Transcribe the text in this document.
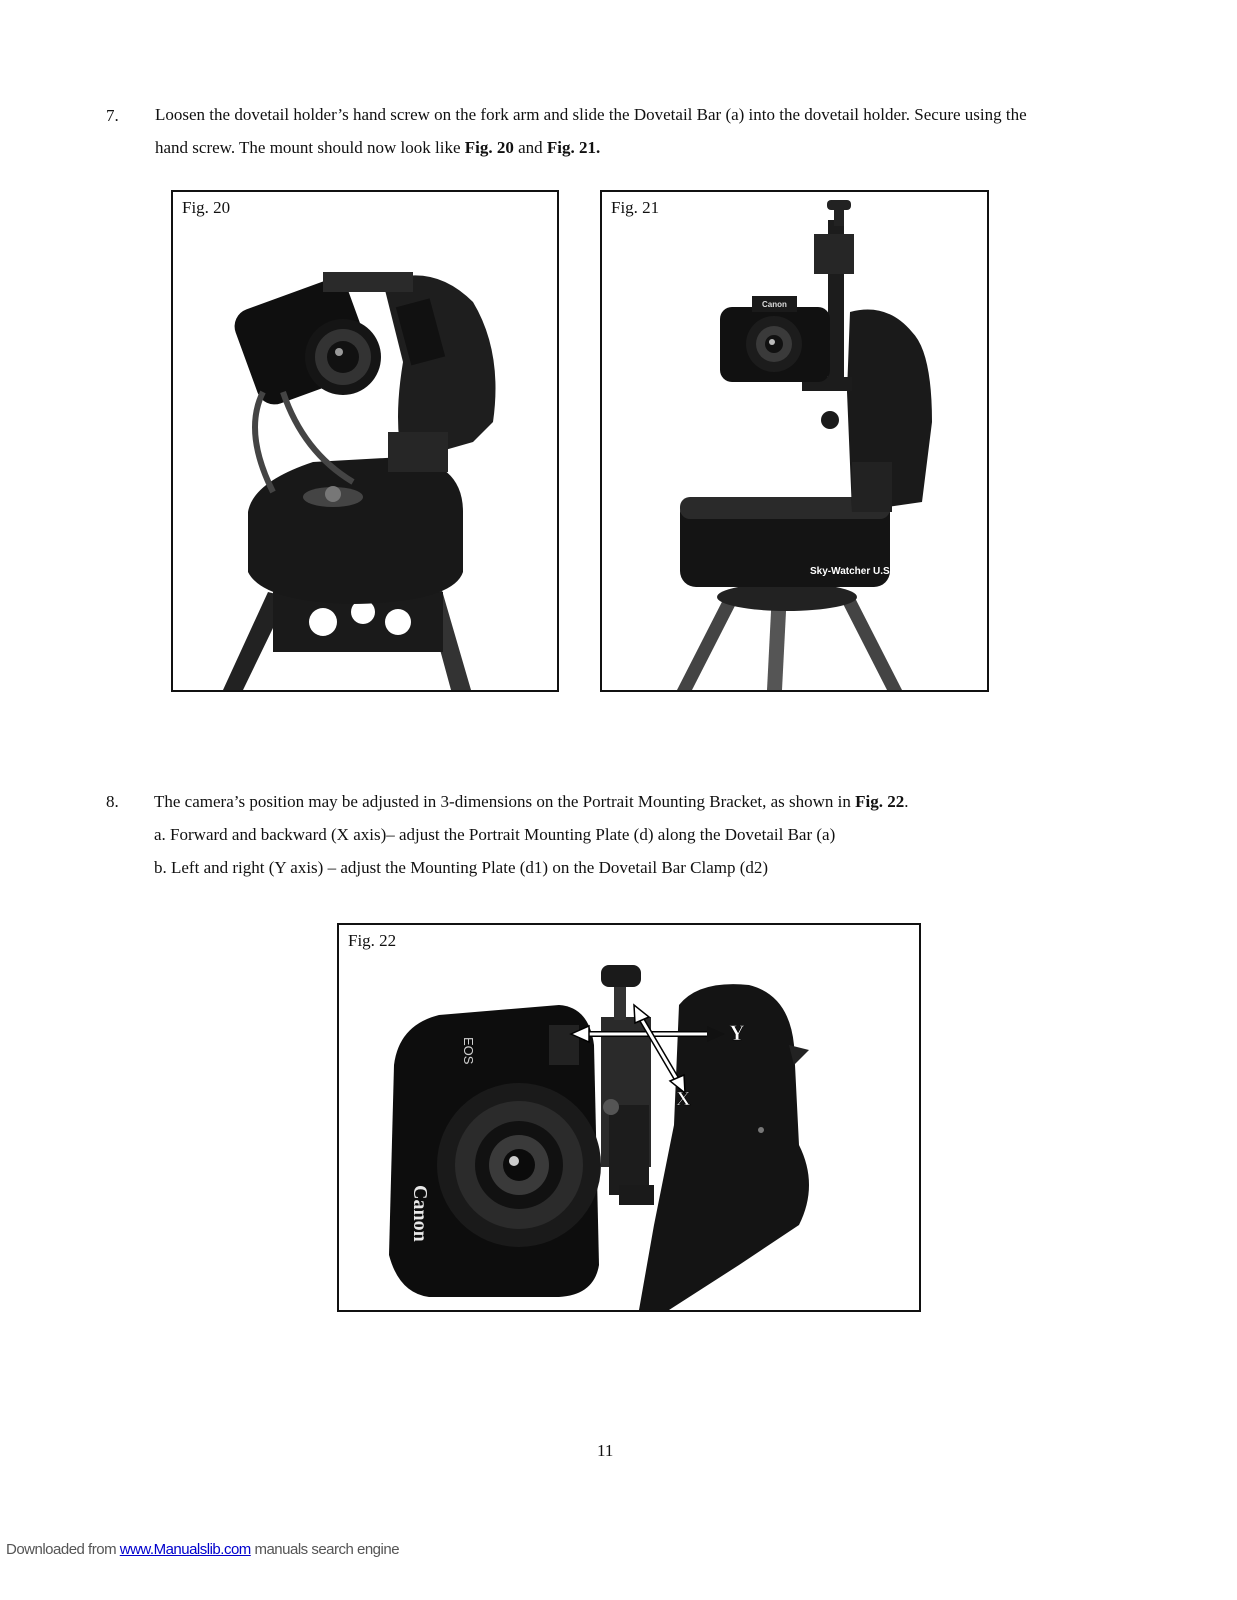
7. Loosen the dovetail holder’s hand screw on the fork arm and slide the Dovetail Bar (a) into the dovetail holder. Secure using the
hand screw. The mount should now look like Fig. 20 and Fig. 21.
Fig. 20	Fig. 21
Sky-Watcher U.S.A.
Canon
8. The camera’s position may be adjusted in 3-dimensions on the Portrait Mounting Bracket, as shown in Fig. 22.
a. Forward and backward (X axis)– adjust the Portrait Mounting Plate (d) along the Dovetail Bar (a)
b. Left and right (Y axis) – adjust the Mounting Plate (d1) on the Dovetail Bar Clamp (d2)
Fig. 22
Canon
EOS
Y
X
11
Downloaded from www.Manualslib.com manuals search engine
